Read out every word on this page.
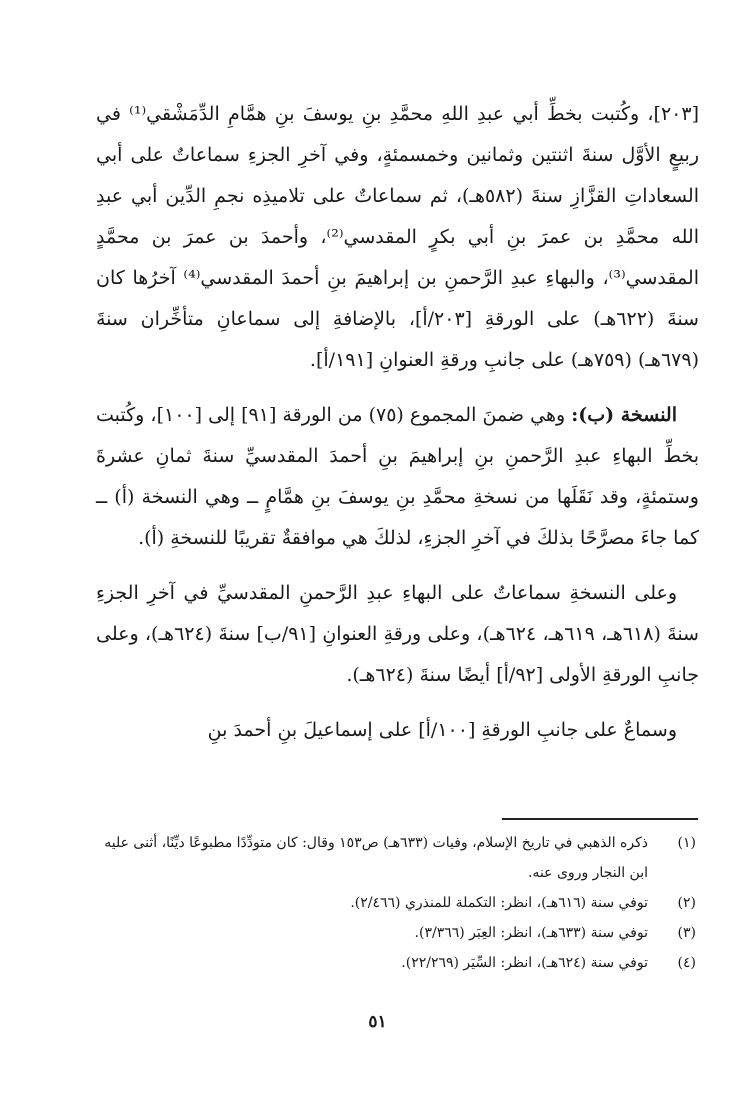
[٢٠٣]، وكُتبت بخطِّ أبي عبدِ اللهِ محمَّدِ بنِ يوسفَ بنِ همَّامِ الدِّمَشْقي⁽¹⁾ في ربيعٍ الأوَّل سنةَ اثنتين وثمانين وخمسمئةٍ، وفي آخرِ الجزءِ سماعاتٌ على أبي السعاداتِ القزَّازِ سنةَ (٥٨٢هـ)، ثم سماعاتٌ على تلاميذِه نجمِ الدِّين أبي عبدِ الله محمَّدِ بن عمرَ بنِ أبي بكرٍ المقدسي⁽²⁾، وأحمدَ بن عمرَ بن محمَّدٍ المقدسي⁽³⁾، والبهاءِ عبدِ الرَّحمنِ بن إبراهيمَ بنِ أحمدَ المقدسي⁽⁴⁾ آخرُها كان سنةَ (٦٢٢هـ) على الورقةِ [٢٠٣/أ]، بالإضافةِ إلى سماعانِ متأخِّران سنةَ (٦٧٩هـ) (٧٥٩هـ) على جانبِ ورقةِ العنوانِ [١٩١/أ].

النسخة (ب): وهي ضمنَ المجموع (٧٥) من الورقة [٩١] إلى [١٠٠]، وكُتبت بخطِّ البهاءِ عبدِ الرَّحمنِ بنِ إبراهيمَ بنِ أحمدَ المقدسيِّ سنةَ ثمانِ عشرةَ وستمئةٍ، وقد نَقَلَها من نسخةِ محمَّدِ بنِ يوسفَ بنِ همَّامٍ ــ وهي النسخة (أ) ــ كما جاءَ مصرَّحًا بذلكَ في آخرِ الجزءِ، لذلكَ هي موافقةٌ تقريبًا للنسخةِ (أ).

وعلى النسخةِ سماعاتٌ على البهاءِ عبدِ الرَّحمنِ المقدسيِّ في آخرِ الجزءِ سنةَ (٦١٨هـ، ٦١٩هـ، ٦٢٤هـ)، وعلى ورقةِ العنوانِ [٩١/ب] سنةَ (٦٢٤هـ)، وعلى جانبِ الورقةِ الأولى [٩٢/أ] أيضًا سنةَ (٦٢٤هـ).

وسماعٌ على جانبِ الورقةِ [١٠٠/أ] على إسماعيلَ بنِ أحمدَ بنِ

(١)
ذكره الذهبي في تاريخ الإسلام، وفيات (٦٣٣هـ) ص١٥٣ وقال: كان متودِّدًا مطبوعًا ديِّنًا، أثنى عليه ابن النجار وروى عنه.

(٢)
توفي سنة (٦١٦هـ)، انظر: التكملة للمنذري (٢/٤٦٦).

(٣)
توفي سنة (٦٣٣هـ)، انظر: العِبَر (٣/٣٦٦).

(٤)
توفي سنة (٦٢٤هـ)، انظر: السِّيَر (٢٢/٢٦٩).

٥١
